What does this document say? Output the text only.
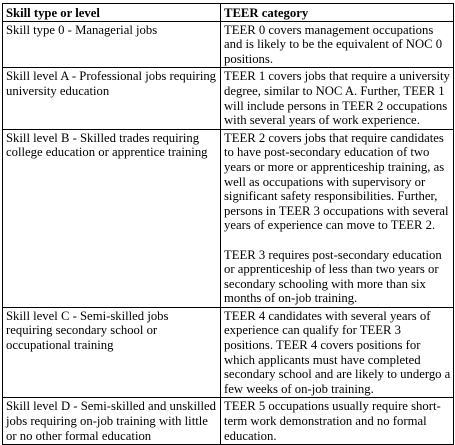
Skill type or level	TEER category
Skill type 0 - Managerial jobs	TEER 0 covers management occupations and is likely to be the equivalent of NOC 0 positions.

Skill level A - Professional jobs requiring university education	TEER 1 covers jobs that require a university degree, similar to NOC A. Further, TEER 1 will include persons in TEER 2 occupations with several years of work experience.

Skill level B - Skilled trades requiring college education or apprentice training	TEER 2 covers jobs that require candidates to have post-secondary education of two years or more or apprenticeship training, as well as occupations with supervisory or significant safety responsibilities. Further, persons in TEER 3 occupations with several years of experience can move to TEER 2.

TEER 3 requires post-secondary education or apprenticeship of less than two years or secondary schooling with more than six months of on-job training.

Skill level C - Semi-skilled jobs requiring secondary school or occupational training	TEER 4 candidates with several years of experience can qualify for TEER 3 positions. TEER 4 covers positions for which applicants must have completed secondary school and are likely to undergo a few weeks of on-job training.

Skill level D - Semi-skilled and unskilled jobs requiring on-job training with little or no other formal education	TEER 5 occupations usually require short-term work demonstration and no formal education.
